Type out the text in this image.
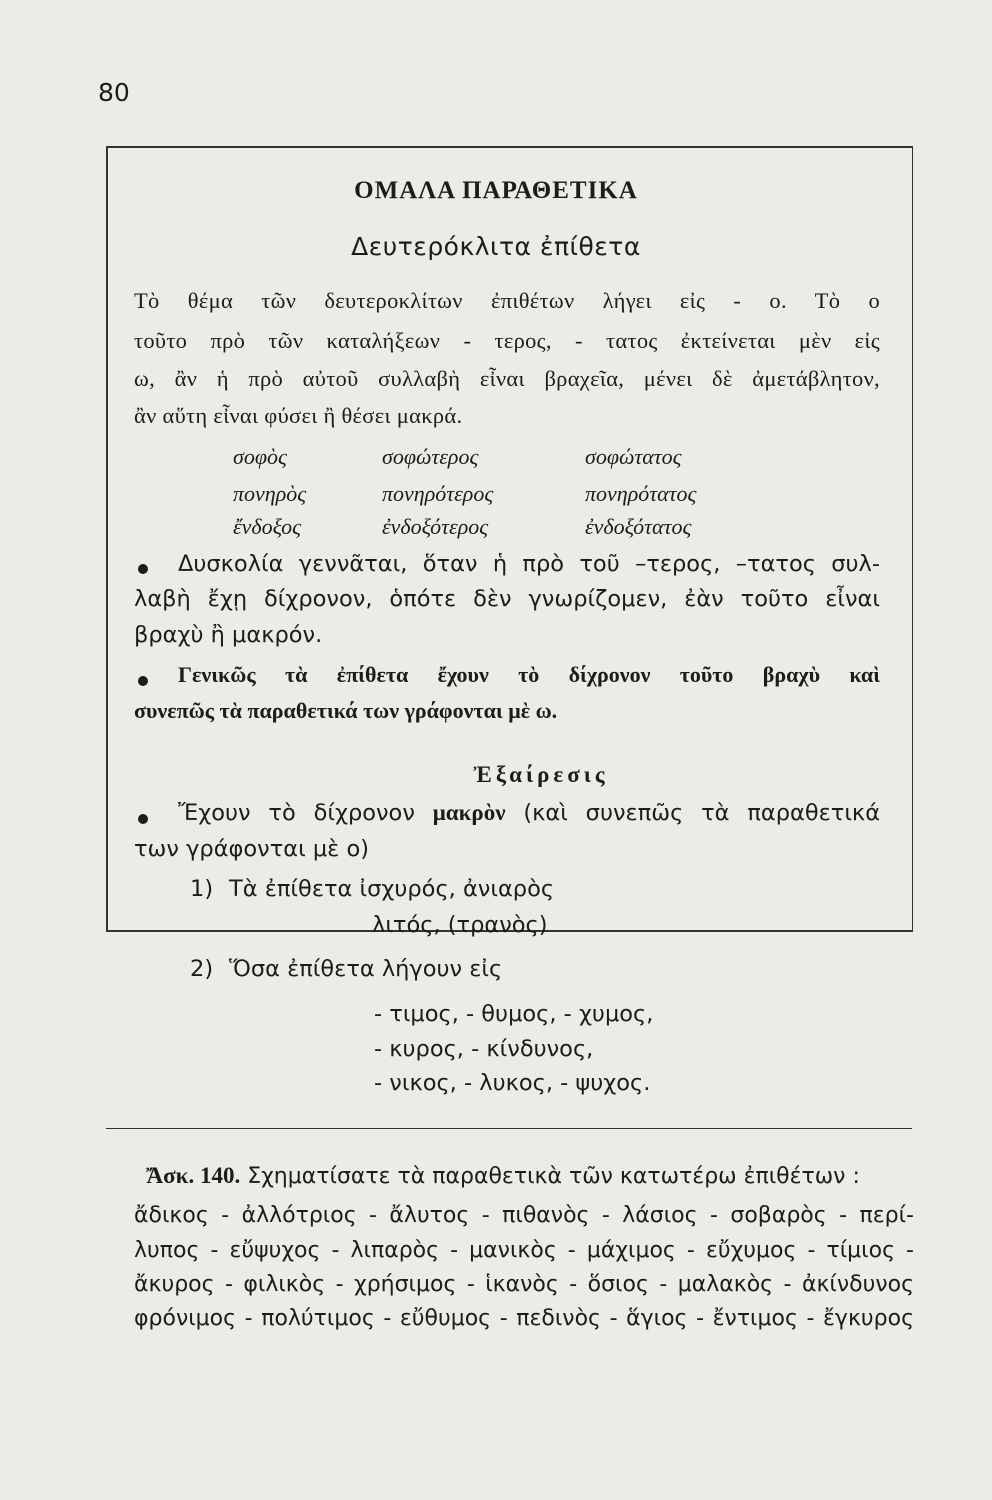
80
ΟΜΑΛΑ ΠΑΡΑΘΕΤΙΚΑ
Δευτερόκλιτα ἐπίθετα
Τὸ θέμα τῶν δευτεροκλίτων ἐπιθέτων λήγει εἰς - ο. Τὸ ο
τοῦτο πρὸ τῶν καταλήξεων - τερος, - τατος ἐκτείνεται μὲν εἰς
ω, ἂν ἡ πρὸ αὐτοῦ συλλαβὴ εἶναι βραχεῖα, μένει δὲ ἀμετάβλητον,
ἂν αὕτη εἶναι φύσει ἢ θέσει μακρά.
σοφὸς
πονηρὸς
ἔνδοξος
σοφώτερος
πονηρότερος
ἐνδοξότερος
σοφώτατος
πονηρότατος
ἐνδοξότατος
Δυσκολία γεννᾶται, ὅταν ἡ πρὸ τοῦ –τερος, –τατος συλ-
λαβὴ ἔχῃ δίχρονον, ὁπότε δὲν γνωρίζομεν, ἐὰν τοῦτο εἶναι
βραχὺ ἢ μακρόν.
Γενικῶς τὰ ἐπίθετα ἔχουν τὸ δίχρονον τοῦτο βραχὺ καὶ
συνεπῶς τὰ παραθετικά των γράφονται μὲ ω.
Ἐξαίρεσις
Ἔχουν τὸ δίχρονον μακρὸν (καὶ συνεπῶς τὰ παραθετικά
των γράφονται μὲ ο)
1) Τὰ ἐπίθετα ἰσχυρός, ἀνιαρὸς
λιτός, (τρανὸς)
2) Ὅσα ἐπίθετα λήγουν εἰς
- τιμος, - θυμος, - χυμος,
- κυρος, - κίνδυνος,
- νικος, - λυκος, - ψυχος.
Ἄσκ. 140. Σχηματίσατε τὰ παραθετικὰ τῶν κατωτέρω ἐπιθέτων :
ἄδικος - ἀλλότριος - ἄλυτος - πιθανὸς - λάσιος - σοβαρὸς - περί-
λυπος - εὔψυχος - λιπαρὸς - μανικὸς - μάχιμος - εὔχυμος - τίμιος -
ἄκυρος - φιλικὸς - χρήσιμος - ἱκανὸς - ὅσιος - μαλακὸς - ἀκίνδυνος
φρόνιμος - πολύτιμος - εὔθυμος - πεδινὸς - ἅγιος - ἔντιμος - ἔγκυρος
